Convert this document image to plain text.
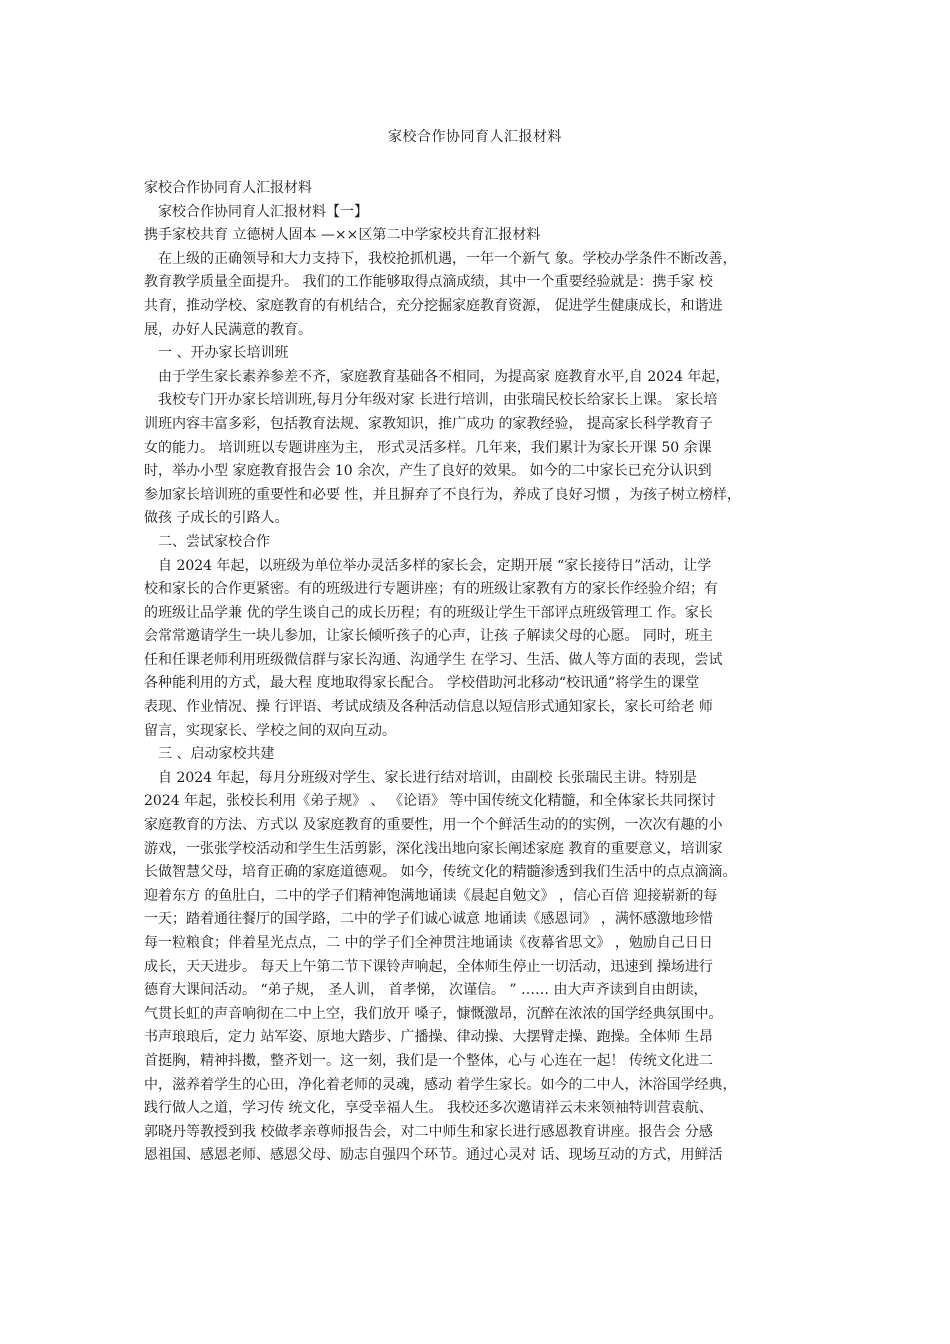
家校合作协同育人汇报材料
家校合作协同育人汇报材料
家校合作协同育人汇报材料【一】
携手家校共育 立德树人固本 —××区第二中学家校共育汇报材料
在上级的正确领导和大力支持下，我校抢抓机遇，一年一个新气 象。学校办学条件不断改善，
教育教学质量全面提升。 我们的工作能够取得点滴成绩，其中一个重要经验就是：携手家 校
共育，推动学校、家庭教育的有机结合，充分挖掘家庭教育资源， 促进学生健康成长，和谐进
展，办好人民满意的教育。
一 、开办家长培训班
由于学生家长素养参差不齐，家庭教育基础各不相同，为提高家 庭教育水平,自 2024 年起，
我校专门开办家长培训班,每月分年级对家 长进行培训，由张瑞民校长给家长上课。 家长培
训班内容丰富多彩，包括教育法规、家教知识，推广成功 的家教经验， 提高家长科学教育子
女的能力。 培训班以专题讲座为主， 形式灵活多样。几年来，我们累计为家长开课 50 余课
时，举办小型 家庭教育报告会 10 余次，产生了良好的效果。 如今的二中家长已充分认识到
参加家长培训班的重要性和必要 性，并且摒弃了不良行为，养成了良好习惯 ，为孩子树立榜样，
做孩 子成长的引路人。
二、尝试家校合作
自 2024 年起，以班级为单位举办灵活多样的家长会，定期开展 “家长接待日”活动，让学
校和家长的合作更紧密。有的班级进行专题讲座；有的班级让家教有方的家长作经验介绍；有
的班级让品学兼 优的学生谈自己的成长历程；有的班级让学生干部评点班级管理工 作。家长
会常常邀请学生一块儿参加，让家长倾听孩子的心声，让孩 子解读父母的心愿。 同时，班主
任和任课老师利用班级微信群与家长沟通、沟通学生 在学习、生活、做人等方面的表现，尝试
各种能利用的方式，最大程 度地取得家长配合。 学校借助河北移动“校讯通”将学生的课堂
表现、作业情况、操 行评语、考试成绩及各种活动信息以短信形式通知家长，家长可给老 师
留言，实现家长、学校之间的双向互动。
三 、启动家校共建
自 2024 年起，每月分班级对学生、家长进行结对培训，由副校 长张瑞民主讲。特别是
2024 年起，张校长利用《弟子规》 、 《论语》 等中国传统文化精髓，和全体家长共同探讨
家庭教育的方法、方式以 及家庭教育的重要性，用一个个鲜活生动的的实例，一次次有趣的小
游戏，一张张学校活动和学生生活剪影，深化浅出地向家长阐述家庭 教育的重要意义，培训家
长做智慧父母，培育正确的家庭道德观。 如今，传统文化的精髓渗透到我们生活中的点点滴滴。
迎着东方 的鱼肚白，二中的学子们精神饱满地诵读《晨起自勉文》 ，信心百倍 迎接崭新的每
一天；踏着通往餐厅的国学路，二中的学子们诚心诚意 地诵读《感恩词》 ，满怀感激地珍惜
每一粒粮食；伴着星光点点，二 中的学子们全神贯注地诵读《夜幕省思文》 ，勉励自己日日
成长，天天进步。 每天上午第二节下课铃声响起，全体师生停止一切活动，迅速到 操场进行
德育大课间活动。 “弟子规， 圣人训， 首孝悌， 次谨信。 ” …… 由大声齐读到自由朗读，
气贯长虹的声音响彻在二中上空，我们放开 嗓子，慷慨激昂，沉醉在浓浓的国学经典氛围中。
书声琅琅后，定力 站军姿、原地大踏步、广播操、律动操、大摆臂走操、跑操。全体师 生昂
首挺胸，精神抖擞，整齐划一。这一刻，我们是一个整体，心与 心连在一起！ 传统文化进二
中，滋养着学生的心田，净化着老师的灵魂，感动 着学生家长。如今的二中人，沐浴国学经典，
践行做人之道，学习传 统文化，享受幸福人生。 我校还多次邀请祥云未来领袖特训营袁航、
郭晓丹等教授到我 校做孝亲尊师报告会，对二中师生和家长进行感恩教育讲座。报告会 分感
恩祖国、感恩老师、感恩父母、励志自强四个环节。通过心灵对 话、现场互动的方式，用鲜活
